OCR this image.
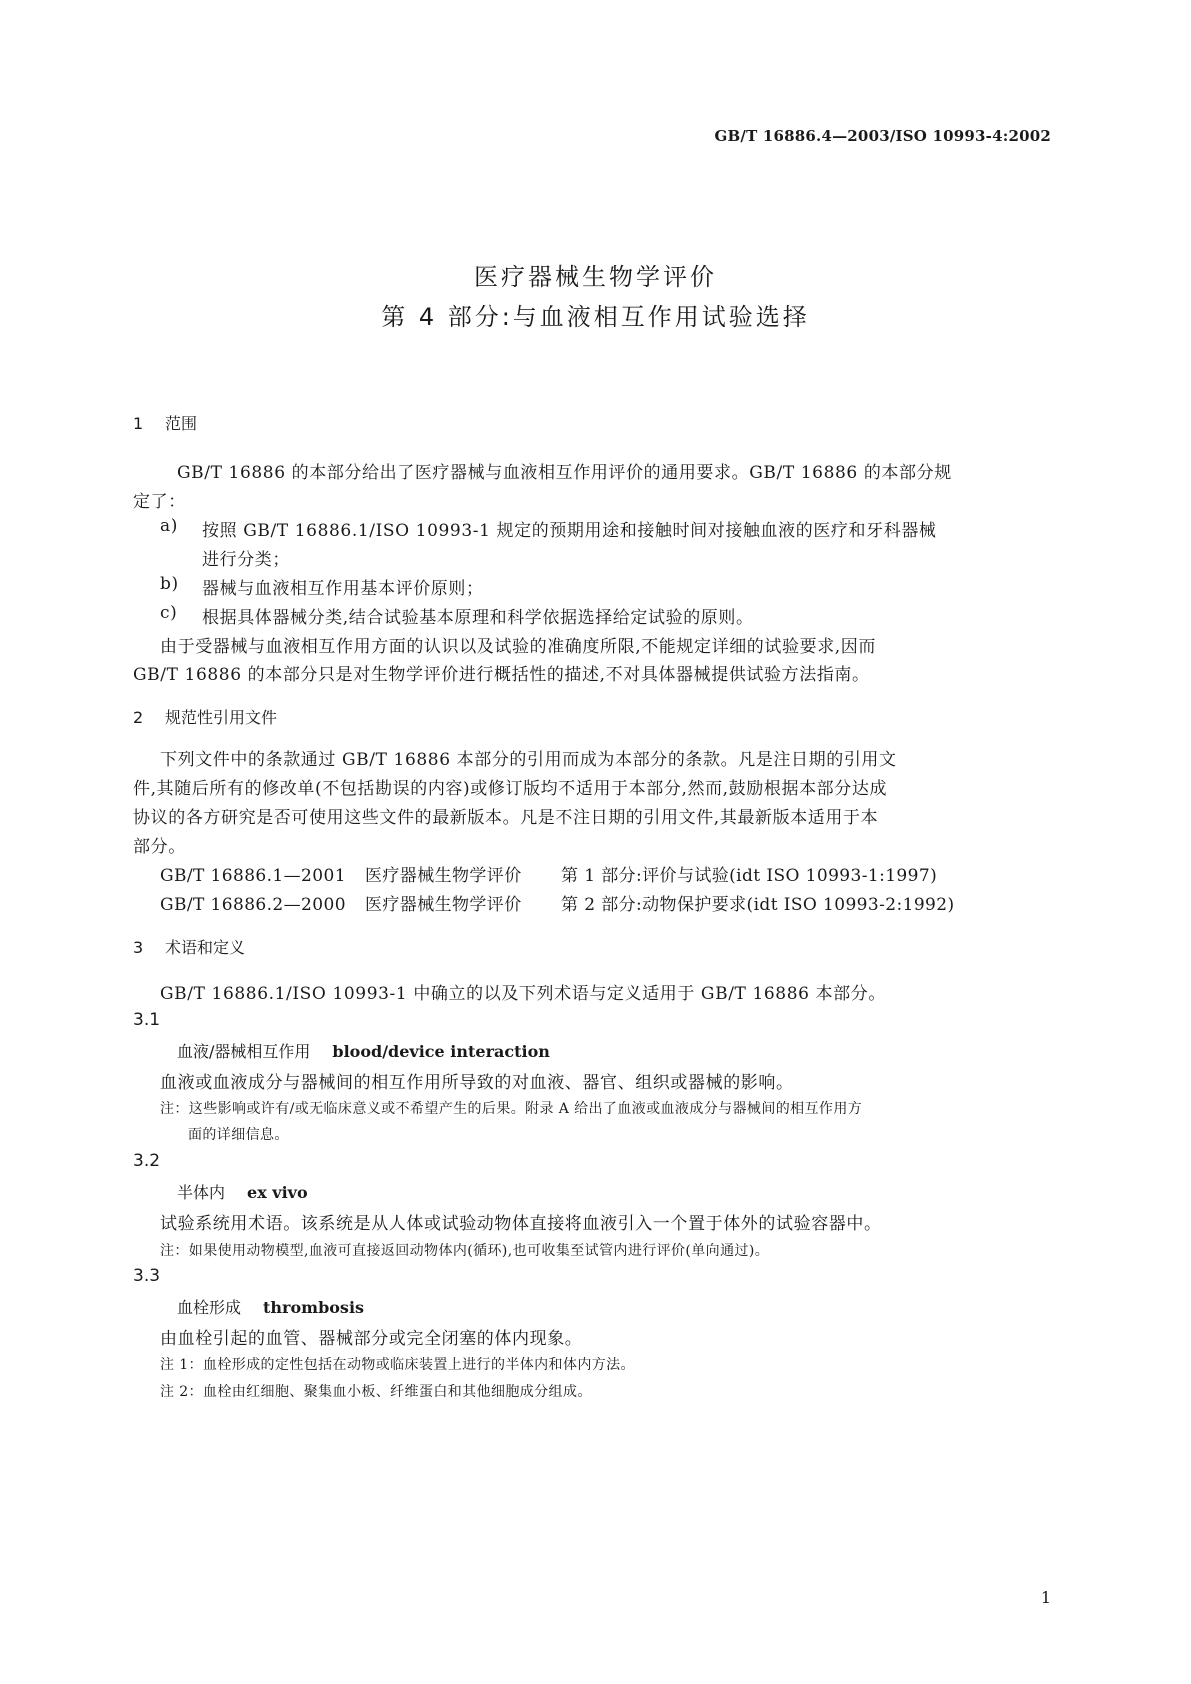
GB/T 16886.4—2003/ISO 10993-4:2002
医疗器械生物学评价
第 4 部分:与血液相互作用试验选择
1 范围
GB/T 16886 的本部分给出了医疗器械与血液相互作用评价的通用要求。GB/T 16886 的本部分规
定了：
a) 按照 GB/T 16886.1/ISO 10993-1 规定的预期用途和接触时间对接触血液的医疗和牙科器械
进行分类；
b) 器械与血液相互作用基本评价原则；
c) 根据具体器械分类,结合试验基本原理和科学依据选择给定试验的原则。
由于受器械与血液相互作用方面的认识以及试验的准确度所限,不能规定详细的试验要求,因而
GB/T 16886 的本部分只是对生物学评价进行概括性的描述,不对具体器械提供试验方法指南。
2 规范性引用文件
下列文件中的条款通过 GB/T 16886 本部分的引用而成为本部分的条款。凡是注日期的引用文
件,其随后所有的修改单(不包括勘误的内容)或修订版均不适用于本部分,然而,鼓励根据本部分达成
协议的各方研究是否可使用这些文件的最新版本。凡是不注日期的引用文件,其最新版本适用于本
部分。
GB/T 16886.1—2001 医疗器械生物学评价 第 1 部分:评价与试验(idt ISO 10993-1:1997)
GB/T 16886.2—2000 医疗器械生物学评价 第 2 部分:动物保护要求(idt ISO 10993-2:1992)
3 术语和定义
GB/T 16886.1/ISO 10993-1 中确立的以及下列术语与定义适用于 GB/T 16886 本部分。
3.1
血液/器械相互作用 blood/device interaction
血液或血液成分与器械间的相互作用所导致的对血液、器官、组织或器械的影响。
注：这些影响或许有/或无临床意义或不希望产生的后果。附录 A 给出了血液或血液成分与器械间的相互作用方
面的详细信息。
3.2
半体内 ex vivo
试验系统用术语。该系统是从人体或试验动物体直接将血液引入一个置于体外的试验容器中。
注：如果使用动物模型,血液可直接返回动物体内(循环),也可收集至试管内进行评价(单向通过)。
3.3
血栓形成 thrombosis
由血栓引起的血管、器械部分或完全闭塞的体内现象。
注 1：血栓形成的定性包括在动物或临床装置上进行的半体内和体内方法。
注 2：血栓由红细胞、聚集血小板、纤维蛋白和其他细胞成分组成。
1
